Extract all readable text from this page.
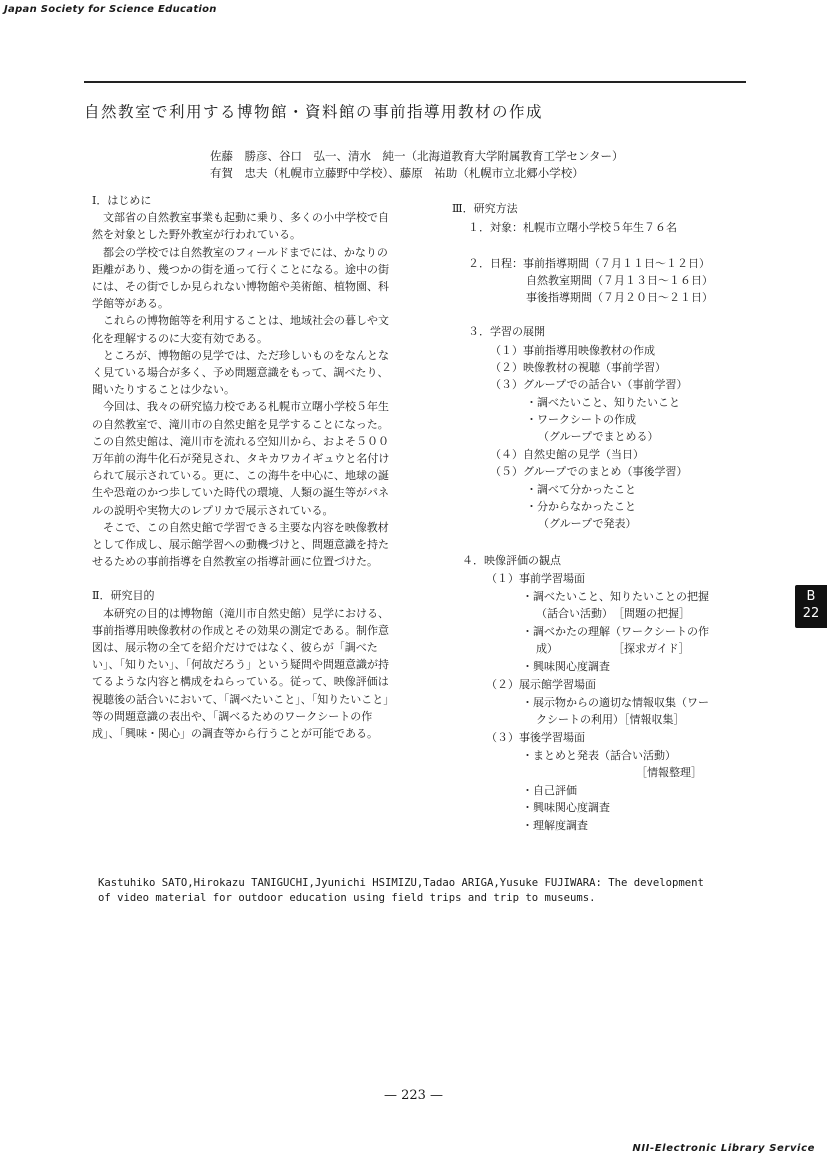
Japan Society for Science Education
自然教室で利用する博物館・資料館の事前指導用教材の作成
佐藤　勝彦、谷口　弘一、清水　純一（北海道教育大学附属教育工学センター）
有賀　忠夫（札幌市立藤野中学校）、藤原　祐助（札幌市立北郷小学校）

Ⅰ．はじめに

文部省の自然教室事業も起動に乗り、多くの小中学校で自然を対象とした野外教室が行われている。

都会の学校では自然教室のフィールドまでには、かなりの距離があり、幾つかの街を通って行くことになる。途中の街には、その街でしか見られない博物館や美術館、植物園、科学館等がある。

これらの博物館等を利用することは、地域社会の暮しや文化を理解するのに大変有効である。

ところが、博物館の見学では、ただ珍しいものをなんとなく見ている場合が多く、予め問題意識をもって、調べたり、聞いたりすることは少ない。

今回は、我々の研究協力校である札幌市立曙小学校５年生の自然教室で、滝川市の自然史館を見学することになった。この自然史館は、滝川市を流れる空知川から、およそ５００万年前の海牛化石が発見され、タキカワカイギュウと名付けられて展示されている。更に、この海牛を中心に、地球の誕生や恐竜のかつ歩していた時代の環境、人類の誕生等がパネルの説明や実物大のレプリカで展示されている。

そこで、この自然史館で学習できる主要な内容を映像教材として作成し、展示館学習への動機づけと、問題意識を持たせるための事前指導を自然教室の指導計画に位置づけた。

Ⅱ．研究目的

本研究の目的は博物館（滝川市自然史館）見学における、事前指導用映像教材の作成とその効果の測定である。制作意図は、展示物の全てを紹介だけではなく、彼らが「調べたい」、「知りたい」、「何故だろう」という疑問や問題意識が持てるような内容と構成をねらっている。従って、映像評価は視聴後の話合いにおいて、「調べたいこと」、「知りたいこと」等の問題意識の表出や、「調べるためのワークシートの作成」、「興味・関心」の調査等から行うことが可能である。

Ⅲ．研究方法
１．対象：札幌市立曙小学校５年生７６名
２．日程：事前指導期間（７月１１日～１２日）
自然教室期間（７月１３日～１６日）
事後指導期間（７月２０日～２１日）
３．学習の展開
（１）事前指導用映像教材の作成
（２）映像教材の視聴（事前学習）
（３）グループでの話合い（事前学習）
・調べたいこと、知りたいこと
・ワークシートの作成
（グループでまとめる）
（４）自然史館の見学（当日）
（５）グループでのまとめ（事後学習）
・調べて分かったこと
・分からなかったこと
（グループで発表）
４．映像評価の観点
（１）事前学習場面
・調べたいこと、知りたいことの把握
（話合い活動）　［問題の把握］
・調べかたの理解（ワークシートの作
成）　　　　　　［探求ガイド］
・興味関心度調査
（２）展示館学習場面
・展示物からの適切な情報収集（ワー
クシートの利用）［情報収集］
（３）事後学習場面
・まとめと発表（話合い活動）
［情報整理］
・自己評価
・興味関心度調査
・理解度調査
B
22
Kastuhiko SATO,Hirokazu TANIGUCHI,Jyunichi HSIMIZU,Tadao ARIGA,Yusuke FUJIWARA: The development
of video material for outdoor education using field trips and trip to museums.
— 223 —
NII-Electronic Library Service
